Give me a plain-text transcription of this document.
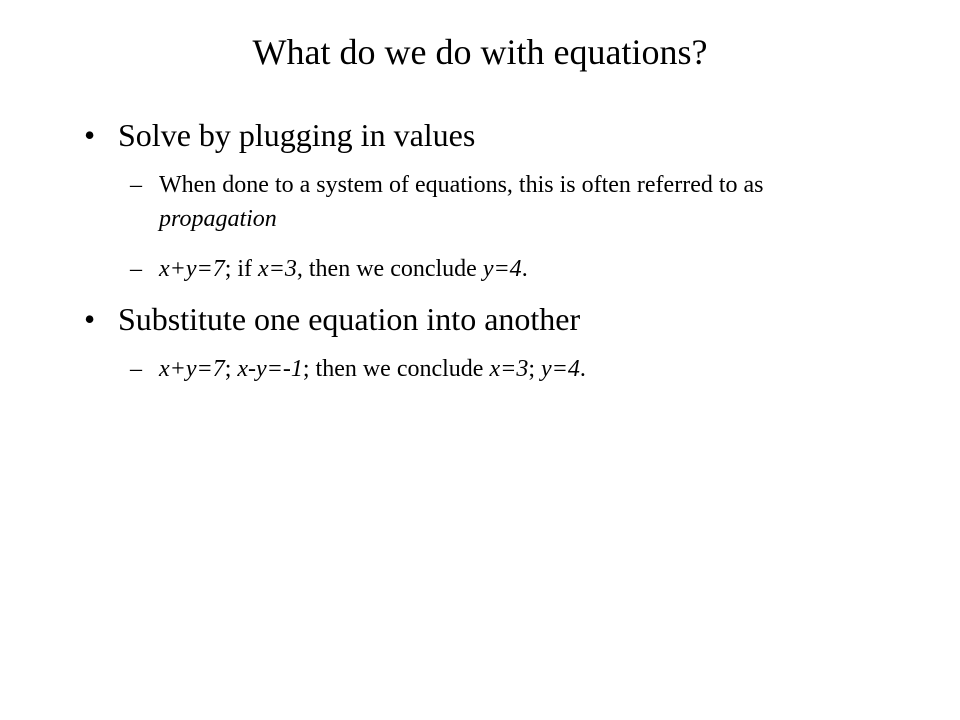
What do we do with equations?
• Solve by plugging in values
– When done to a system of equations, this is often referred to as propagation
– x+y=7; if x=3, then we conclude y=4.
• Substitute one equation into another
– x+y=7; x-y=-1; then we conclude x=3; y=4.
